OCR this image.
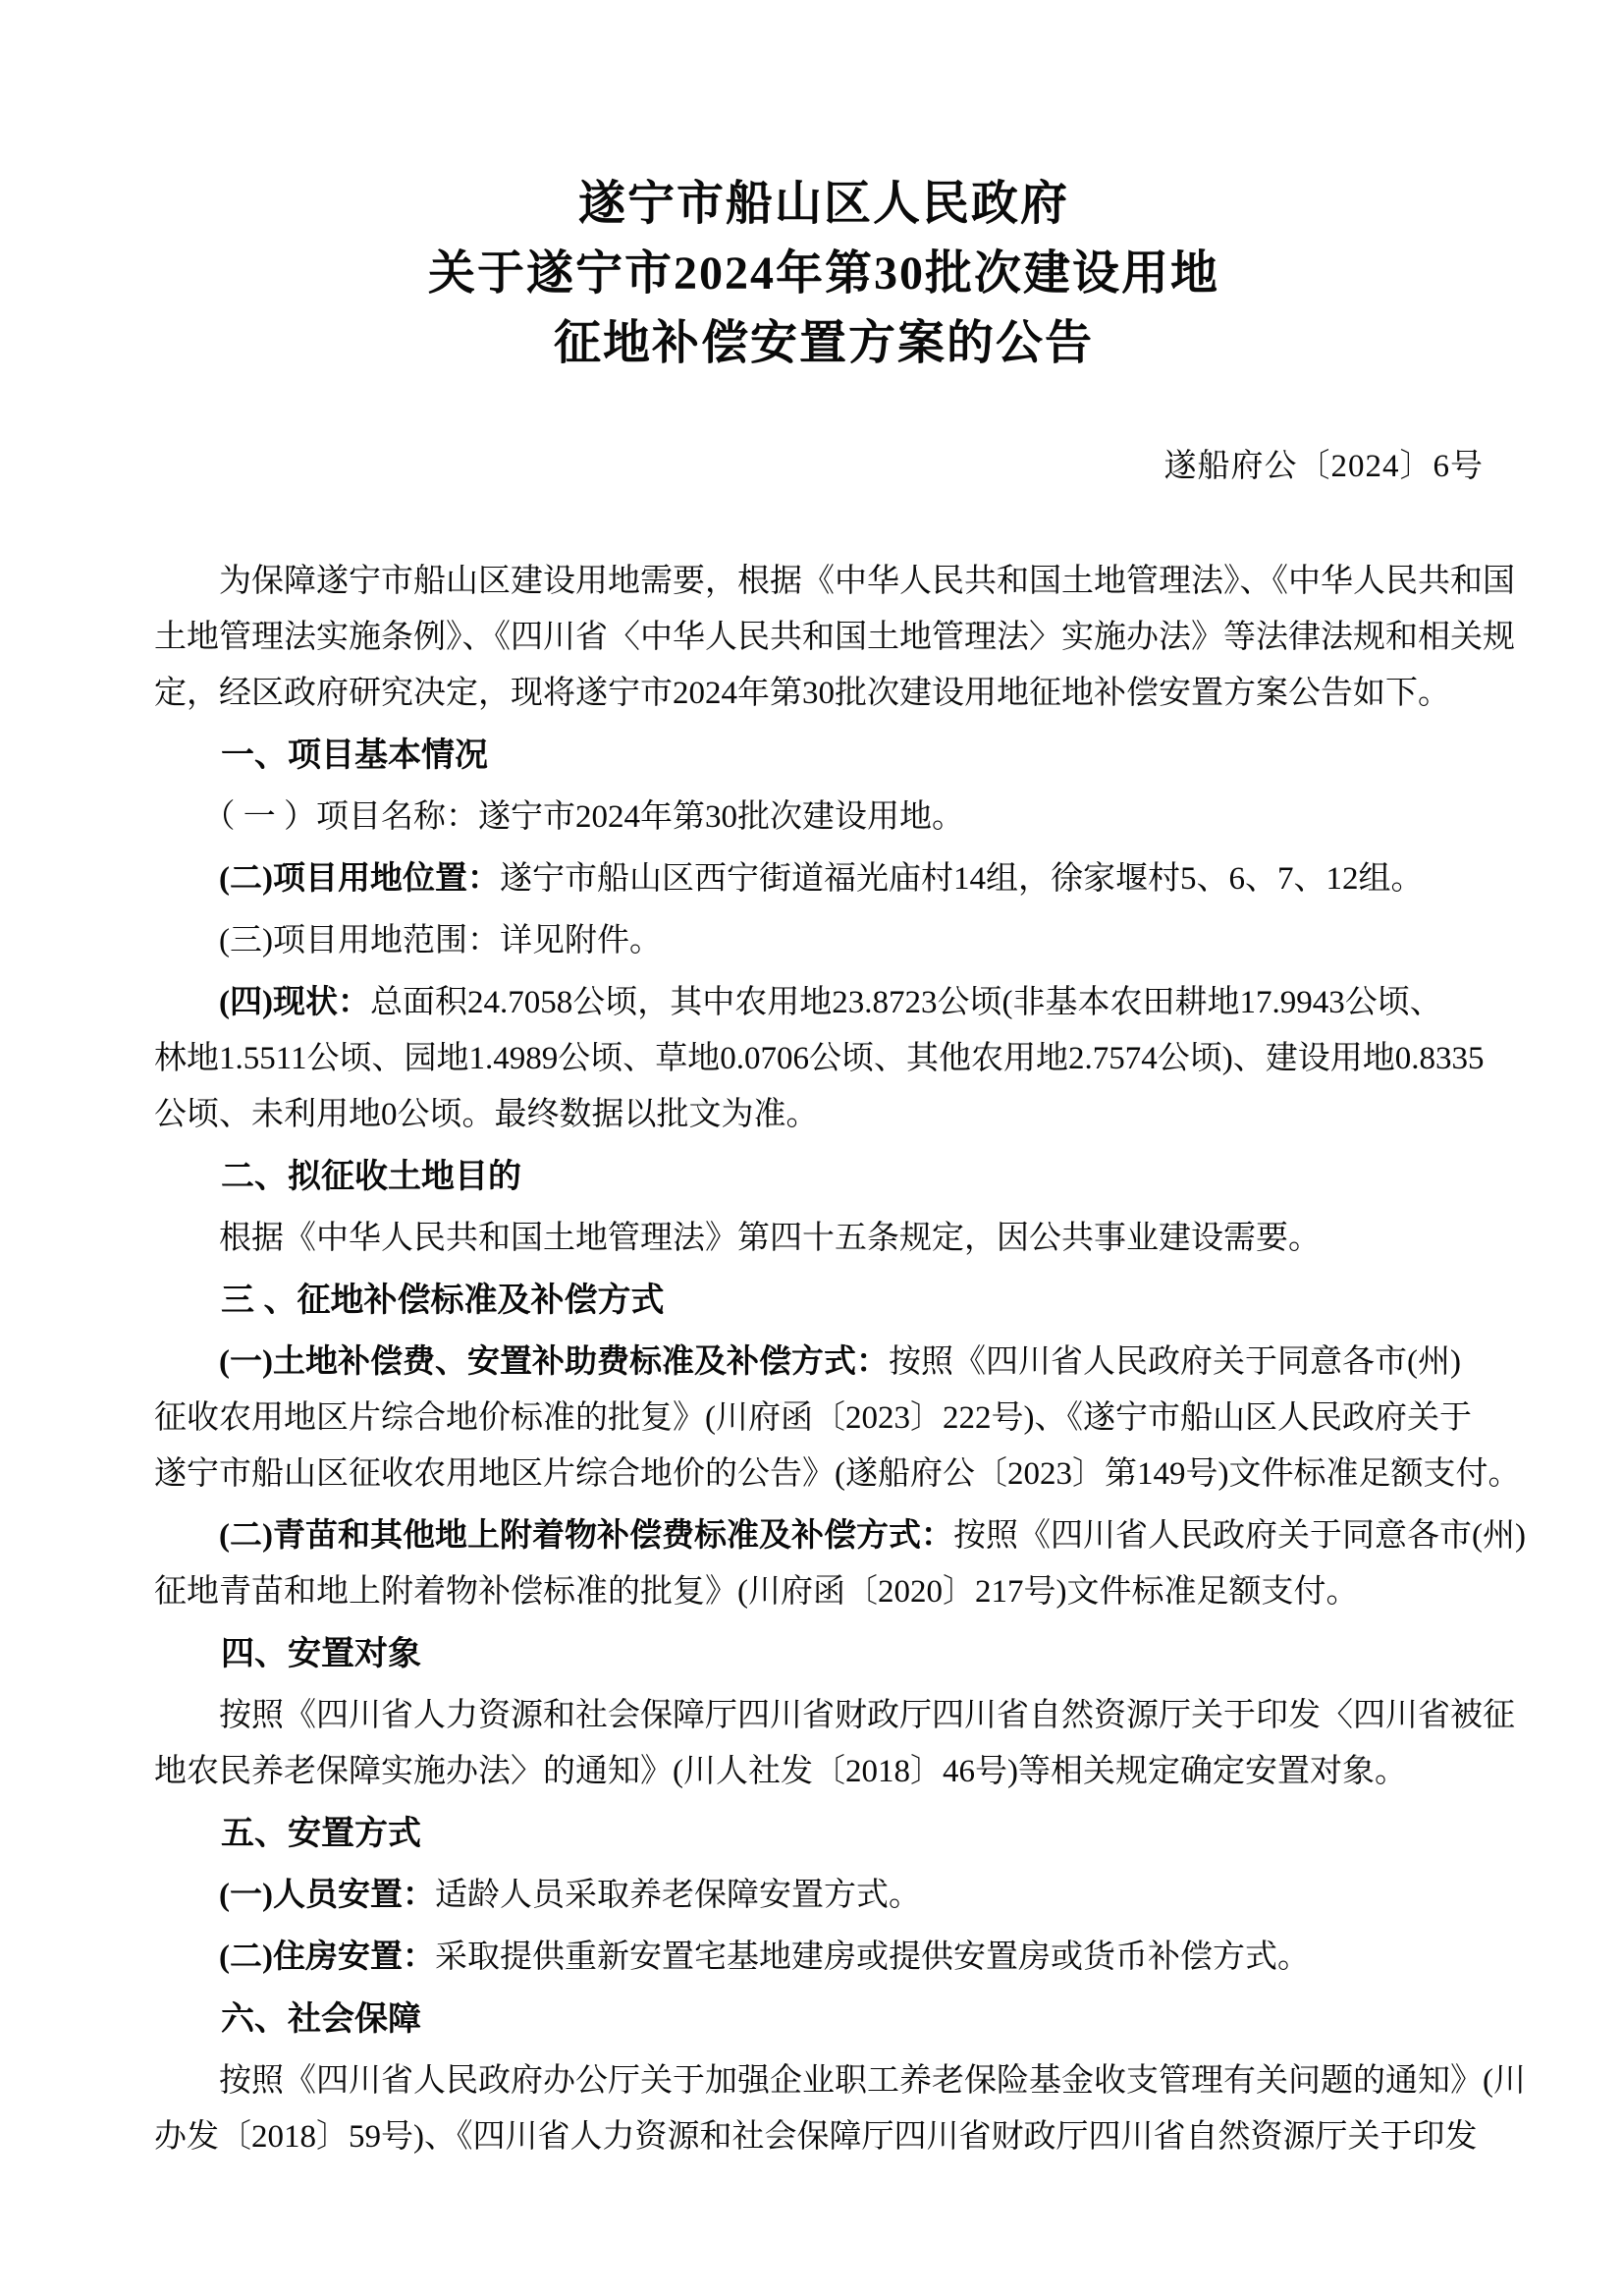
遂宁市船山区人民政府
关于遂宁市2024年第30批次建设用地
征地补偿安置方案的公告
遂船府公〔2024〕6号
　　为保障遂宁市船山区建设用地需要，根据《中华人民共和国土地管理法》、《中华人民共和国
土地管理法实施条例》、《四川省〈中华人民共和国土地管理法〉实施办法》等法律法规和相关规
定，经区政府研究决定，现将遂宁市2024年第30批次建设用地征地补偿安置方案公告如下。
　　一、项目基本情况
　　（ 一 ）项目名称：遂宁市2024年第30批次建设用地。
　　(二)项目用地位置：遂宁市船山区西宁街道福光庙村14组，徐家堰村5、6、7、12组。
　　(三)项目用地范围：详见附件。
　　(四)现状：总面积24.7058公顷，其中农用地23.8723公顷(非基本农田耕地17.9943公顷、
林地1.5511公顷、园地1.4989公顷、草地0.0706公顷、其他农用地2.7574公顷)、建设用地0.8335
公顷、未利用地0公顷。最终数据以批文为准。
　　二、拟征收土地目的
　　根据《中华人民共和国土地管理法》第四十五条规定，因公共事业建设需要。
　　三 、征地补偿标准及补偿方式
　　(一)土地补偿费、安置补助费标准及补偿方式：按照《四川省人民政府关于同意各市(州)
征收农用地区片综合地价标准的批复》(川府函〔2023〕222号)、《遂宁市船山区人民政府关于
遂宁市船山区征收农用地区片综合地价的公告》(遂船府公〔2023〕第149号)文件标准足额支付。
　　(二)青苗和其他地上附着物补偿费标准及补偿方式：按照《四川省人民政府关于同意各市(州)
征地青苗和地上附着物补偿标准的批复》(川府函〔2020〕217号)文件标准足额支付。
　　四、安置对象
　　按照《四川省人力资源和社会保障厅四川省财政厅四川省自然资源厅关于印发〈四川省被征
地农民养老保障实施办法〉的通知》(川人社发〔2018〕46号)等相关规定确定安置对象。
　　五、安置方式
　　(一)人员安置：适龄人员采取养老保障安置方式。
　　(二)住房安置：采取提供重新安置宅基地建房或提供安置房或货币补偿方式。
　　六、社会保障
　　按照《四川省人民政府办公厅关于加强企业职工养老保险基金收支管理有关问题的通知》(川
办发〔2018〕59号)、《四川省人力资源和社会保障厅四川省财政厅四川省自然资源厅关于印发
